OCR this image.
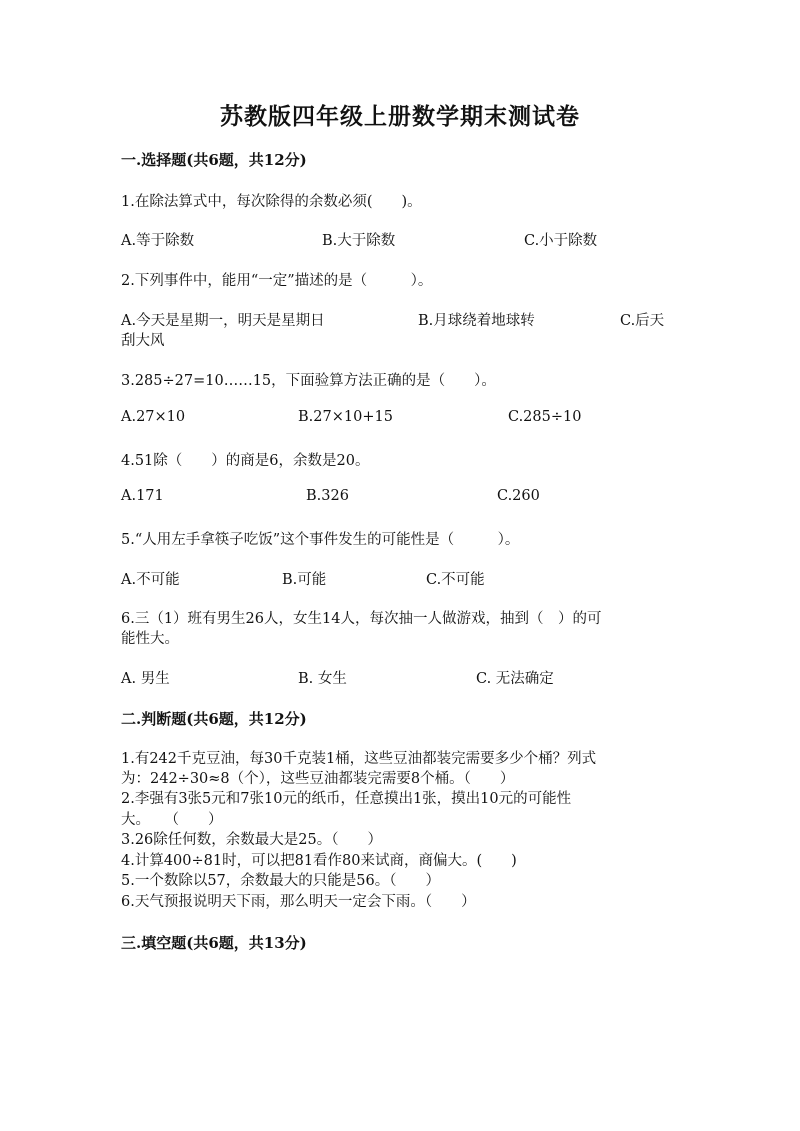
苏教版四年级上册数学期末测试卷
一.选择题(共6题，共12分)
1.在除法算式中，每次除得的余数必须(　　)。
A.等于除数	B.大于除数	C.小于除数
2.下列事件中，能用“一定”描述的是（　　　）。
A.今天是星期一，明天是星期日	B.月球绕着地球转	C.后天
刮大风
3.285÷27=10……15，下面验算方法正确的是（　　）。
A.27×10	B.27×10+15	C.285÷10
4.51除（　　）的商是6，余数是20。
A.171	B.326	C.260
5.“人用左手拿筷子吃饭”这个事件发生的可能性是（　　　）。
A.不可能	B.可能	C.不可能
6.三（1）班有男生26人，女生14人，每次抽一人做游戏，抽到（　）的可
能性大。
A. 男生	B. 女生	C. 无法确定
二.判断题(共6题，共12分)
1.有242千克豆油，每30千克装1桶，这些豆油都装完需要多少个桶？列式
为：242÷30≈8（个），这些豆油都装完需要8个桶。（　　）
2.李强有3张5元和7张10元的纸币，任意摸出1张，摸出10元的可能性
大。　　（　　）
3.26除任何数，余数最大是25。（　　）
4.计算400÷81时，可以把81看作80来试商，商偏大。(　　)
5.一个数除以57，余数最大的只能是56。（　　）
6.天气预报说明天下雨，那么明天一定会下雨。（　　）
三.填空题(共6题，共13分)
